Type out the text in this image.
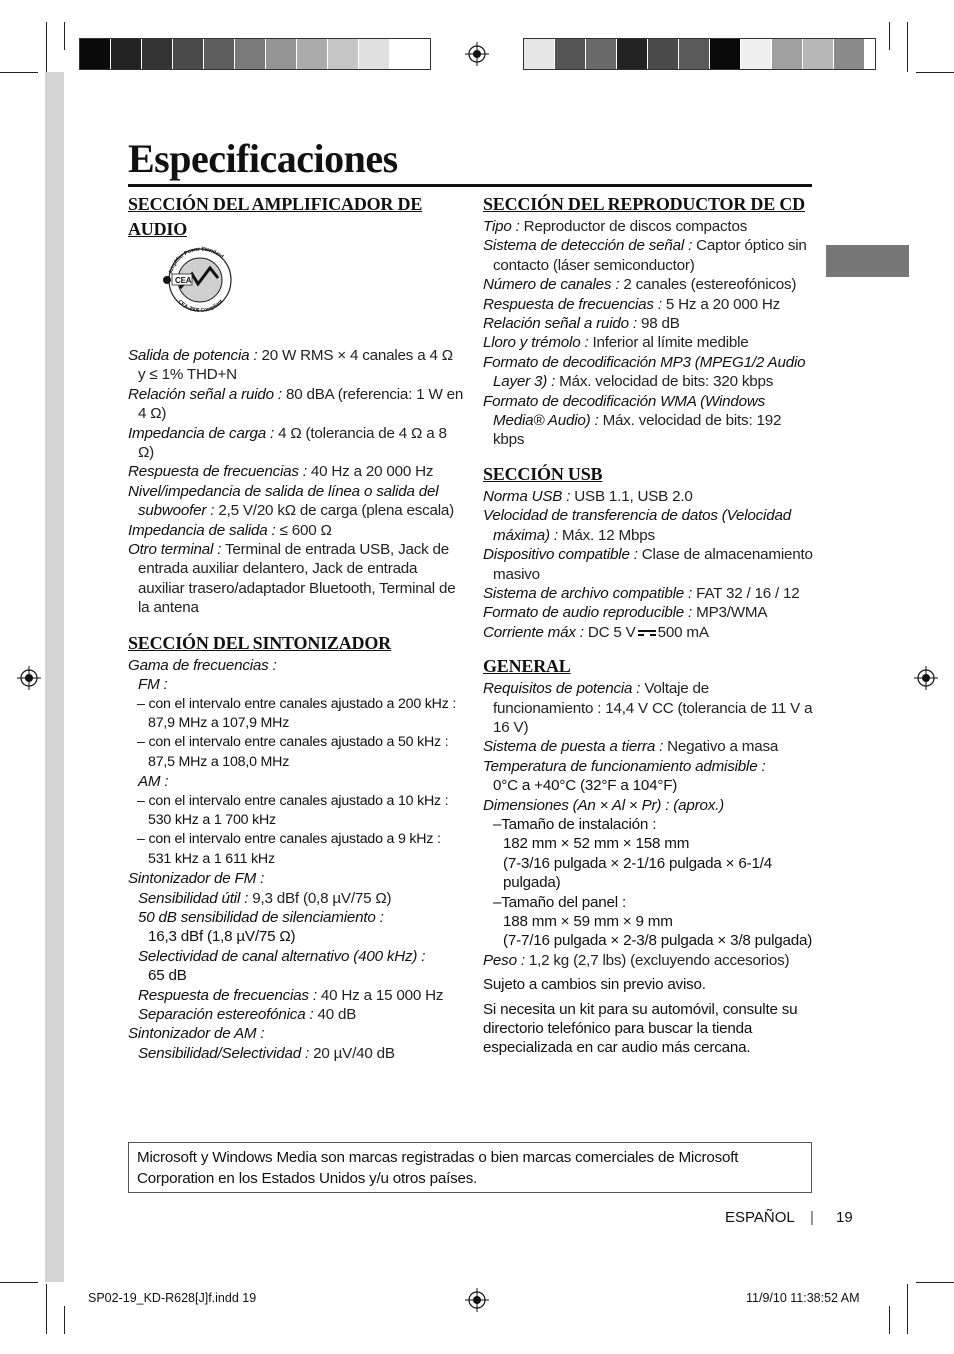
Especificaciones

SECCIÓN DEL AMPLIFICADOR DE

AUDIO

CEA
Amplifier Power Standard
CEA-2006 Compliant

Salida de potencia : 20 W RMS × 4 canales a 4 Ω y ≤ 1% THD+N

Relación señal a ruido : 80 dBA (referencia: 1 W en 4 Ω)

Impedancia de carga : 4 Ω (tolerancia de 4 Ω a 8 Ω)

Respuesta de frecuencias : 40 Hz a 20 000 Hz

Nivel/impedancia de salida de línea o salida del subwoofer : 2,5 V/20 kΩ de carga (plena escala)

Impedancia de salida : ≤ 600 Ω

Otro terminal : Terminal de entrada USB, Jack de entrada auxiliar delantero, Jack de entrada auxiliar trasero/adaptador Bluetooth, Terminal de la antena

SECCIÓN DEL SINTONIZADOR

Gama de frecuencias :

FM :

– con el intervalo entre canales ajustado a 200 kHz : 87,9 MHz a 107,9 MHz

– con el intervalo entre canales ajustado a 50 kHz : 87,5 MHz a 108,0 MHz

AM :

– con el intervalo entre canales ajustado a 10 kHz : 530 kHz a 1 700 kHz

– con el intervalo entre canales ajustado a 9 kHz : 531 kHz a 1 611 kHz

Sintonizador de FM :

Sensibilidad útil : 9,3 dBf (0,8 µV/75 Ω)

50 dB sensibilidad de silenciamiento :

16,3 dBf (1,8 µV/75 Ω)

Selectividad de canal alternativo (400 kHz) :

65 dB

Respuesta de frecuencias : 40 Hz a 15 000 Hz

Separación estereofónica : 40 dB

Sintonizador de AM :

Sensibilidad/Selectividad : 20 µV/40 dB

SECCIÓN DEL REPRODUCTOR DE CD

Tipo : Reproductor de discos compactos

Sistema de detección de señal : Captor óptico sin contacto (láser semiconductor)

Número de canales : 2 canales (estereofónicos)

Respuesta de frecuencias : 5 Hz a 20 000 Hz

Relación señal a ruido : 98 dB

Lloro y trémolo : Inferior al límite medible

Formato de decodificación MP3 (MPEG1/2 Audio Layer 3) : Máx. velocidad de bits: 320 kbps

Formato de decodificación WMA (Windows Media® Audio) : Máx. velocidad de bits: 192 kbps

SECCIÓN USB

Norma USB : USB 1.1, USB 2.0

Velocidad de transferencia de datos (Velocidad máxima) : Máx. 12 Mbps

Dispositivo compatible : Clase de almacenamiento masivo

Sistema de archivo compatible : FAT 32 / 16 / 12

Formato de audio reproducible : MP3/WMA

Corriente máx : DC 5 V 500 mA

GENERAL

Requisitos de potencia : Voltaje de funcionamiento : 14,4 V CC (tolerancia de 11 V a 16 V)

Sistema de puesta a tierra : Negativo a masa

Temperatura de funcionamiento admisible :

0°C a +40°C (32°F a 104°F)

Dimensiones (An × Al × Pr) : (aprox.)

–Tamaño de instalación :

182 mm × 52 mm × 158 mm

(7-3/16 pulgada × 2-1/16 pulgada × 6-1/4 pulgada)

–Tamaño del panel :

188 mm × 59 mm × 9 mm

(7-7/16 pulgada × 2-3/8 pulgada × 3/8 pulgada)

Peso : 1,2 kg (2,7 lbs) (excluyendo accesorios)

Sujeto a cambios sin previo aviso.

Si necesita un kit para su automóvil, consulte su directorio telefónico para buscar la tienda especializada en car audio más cercana.

Microsoft y Windows Media son marcas registradas o bien marcas comerciales de Microsoft Corporation en los Estados Unidos y/u otros países.
ESPAÑOL | 19
SP02-19_KD-R628[J]f.indd 19	11/9/10 11:38:52 AM
